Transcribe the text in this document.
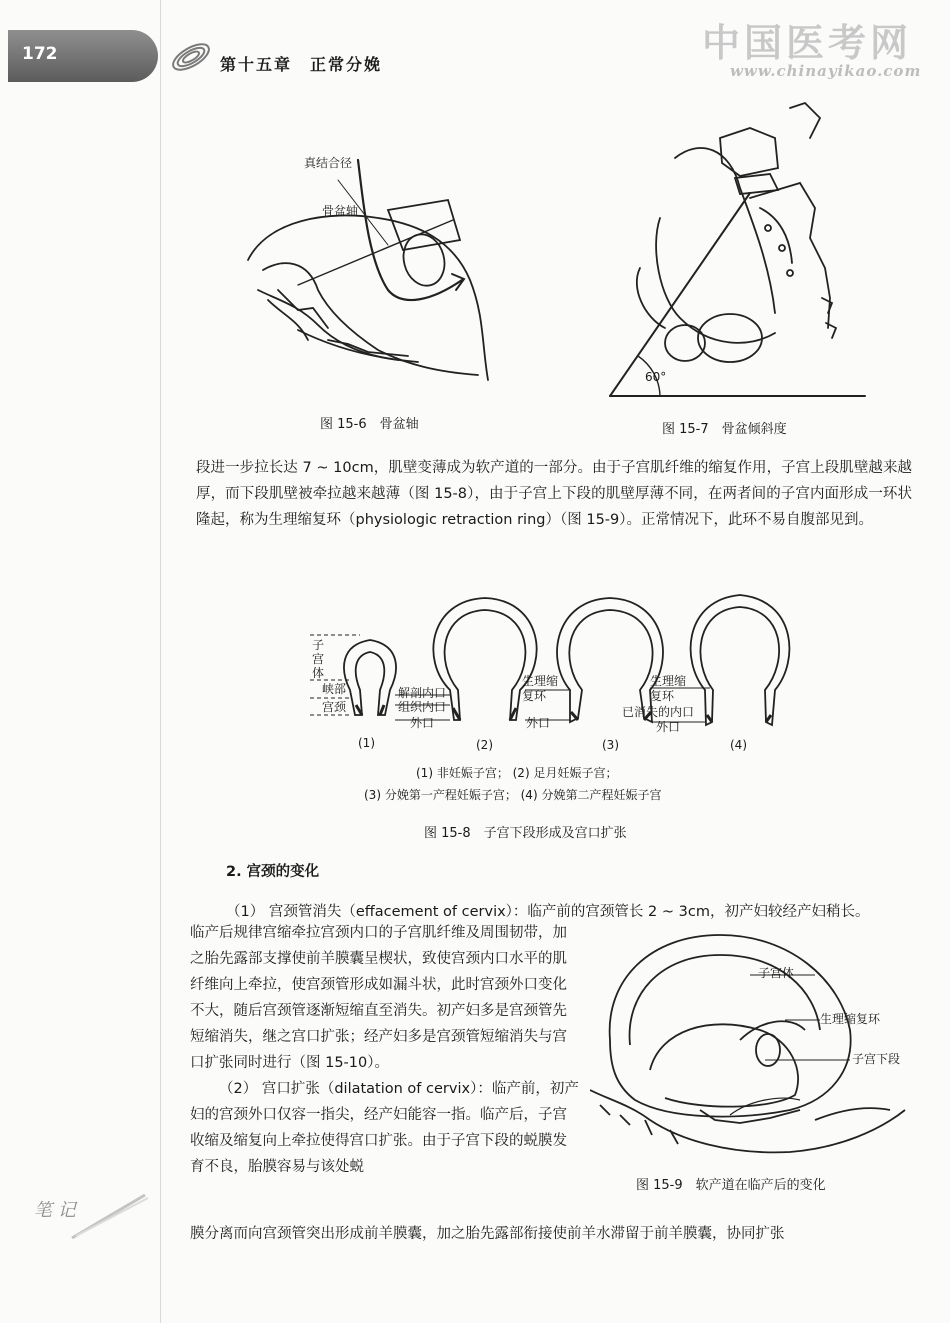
172
第十五章　正常分娩	中国医考网
www.chinayikao.com
真结合径
骨盆轴
图 15-6　骨盆轴
60°
图 15-7　骨盆倾斜度

段进一步拉长达 7 ~ 10cm，肌壁变薄成为软产道的一部分。由于子宫肌纤维的缩复作用，子宫上段肌壁越来越厚，而下段肌壁被牵拉越来越薄（图 15-8），由于子宫上下段的肌壁厚薄不同，在两者间的子宫内面形成一环状隆起，称为生理缩复环（physiologic retraction ring）（图 15-9）。正常情况下，此环不易自腹部见到。

子
宫
体
峡部
宫颈
解剖内口
组织内口
外口
生理缩
复环
外口
生理缩
复环
已消失的内口
外口
(1)	(2)	(3)	(4)
(1) 非妊娠子宫； (2) 足月妊娠子宫；
(3) 分娩第一产程妊娠子宫； (4) 分娩第二产程妊娠子宫
图 15-8　子宫下段形成及宫口扩张
2. 宫颈的变化
（1） 宫颈管消失（effacement of cervix）：临产前的宫颈管长 2 ~ 3cm，初产妇较经产妇稍长。

临产后规律宫缩牵拉宫颈内口的子宫肌纤维及周围韧带，加之胎先露部支撑使前羊膜囊呈楔状，致使宫颈内口水平的肌纤维向上牵拉，使宫颈管形成如漏斗状，此时宫颈外口变化不大，随后宫颈管逐渐短缩直至消失。初产妇多是宫颈管先短缩消失，继之宫口扩张；经产妇多是宫颈管短缩消失与宫口扩张同时进行（图 15-10）。

（2） 宫口扩张（dilatation of cervix）：临产前，初产妇的宫颈外口仅容一指尖，经产妇能容一指。临产后，子宫收缩及缩复向上牵拉使得宫口扩张。由于子宫下段的蜕膜发育不良，胎膜容易与该处蜕

子宫体
生理缩复环
子宫下段
图 15-9　软产道在临产后的变化
膜分离而向宫颈管突出形成前羊膜囊，加之胎先露部衔接使前羊水滞留于前羊膜囊，协同扩张
笔 记
